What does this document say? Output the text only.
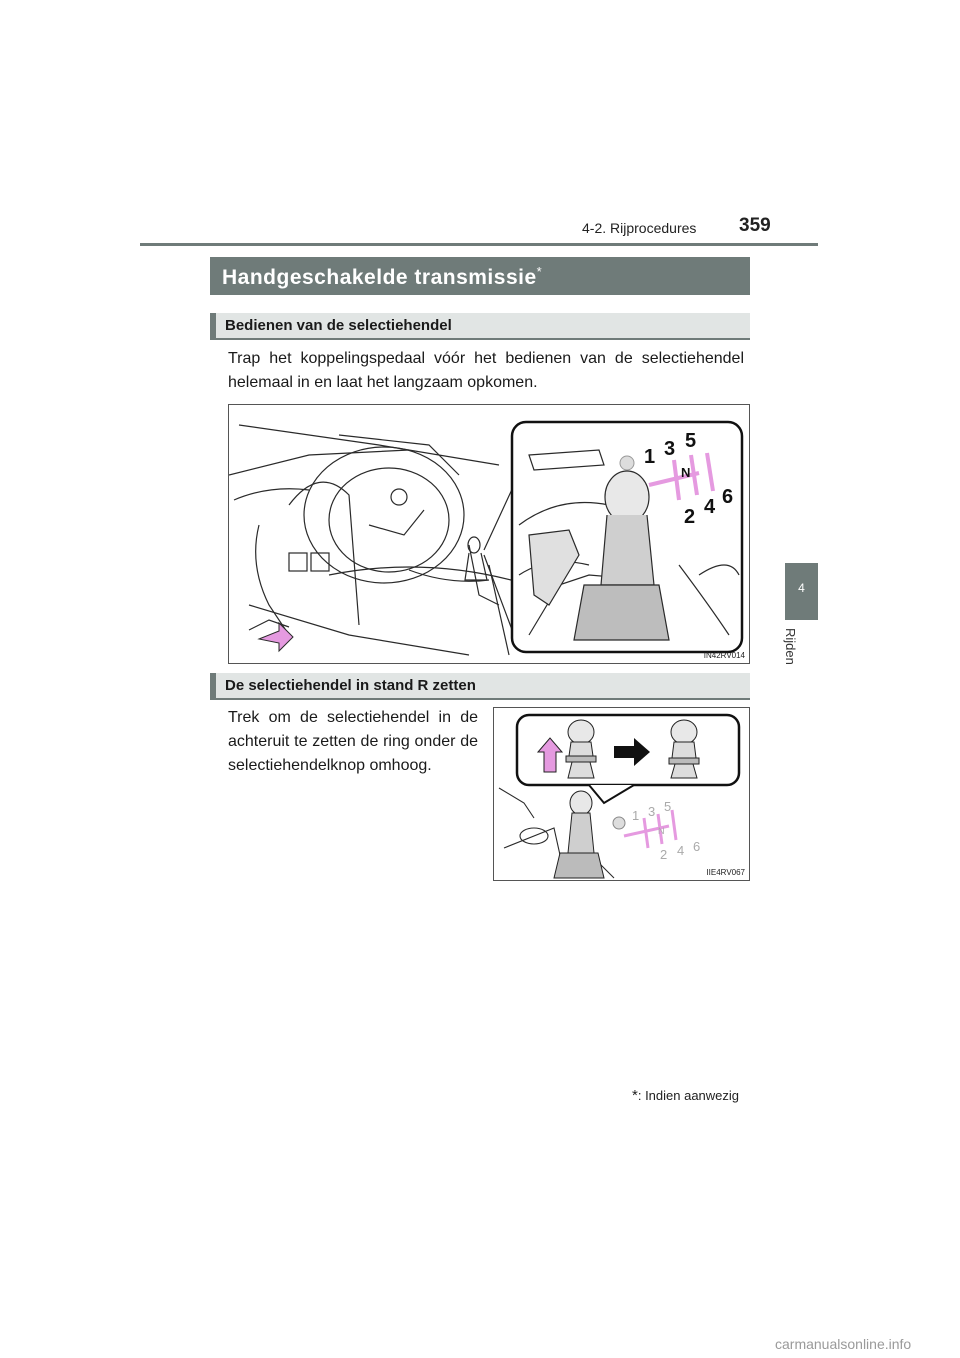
4-2. Rijprocedures 359
4
Rijden
Handgeschakelde transmissie*
Bedienen van de selectiehendel
Trap het koppelingspedaal vóór het bedienen van de selectiehendel helemaal in en laat het langzaam opkomen.
1 3 5
N
2 4 6
IN42RV014
De selectiehendel in stand R zetten
Trek om de selectiehendel in de achteruit te zetten de ring onder de selectiehendelknop omhoog.
1 3 5
N
2 4 6
IIE4RV067
*: Indien aanwezig
carmanualsonline.info
